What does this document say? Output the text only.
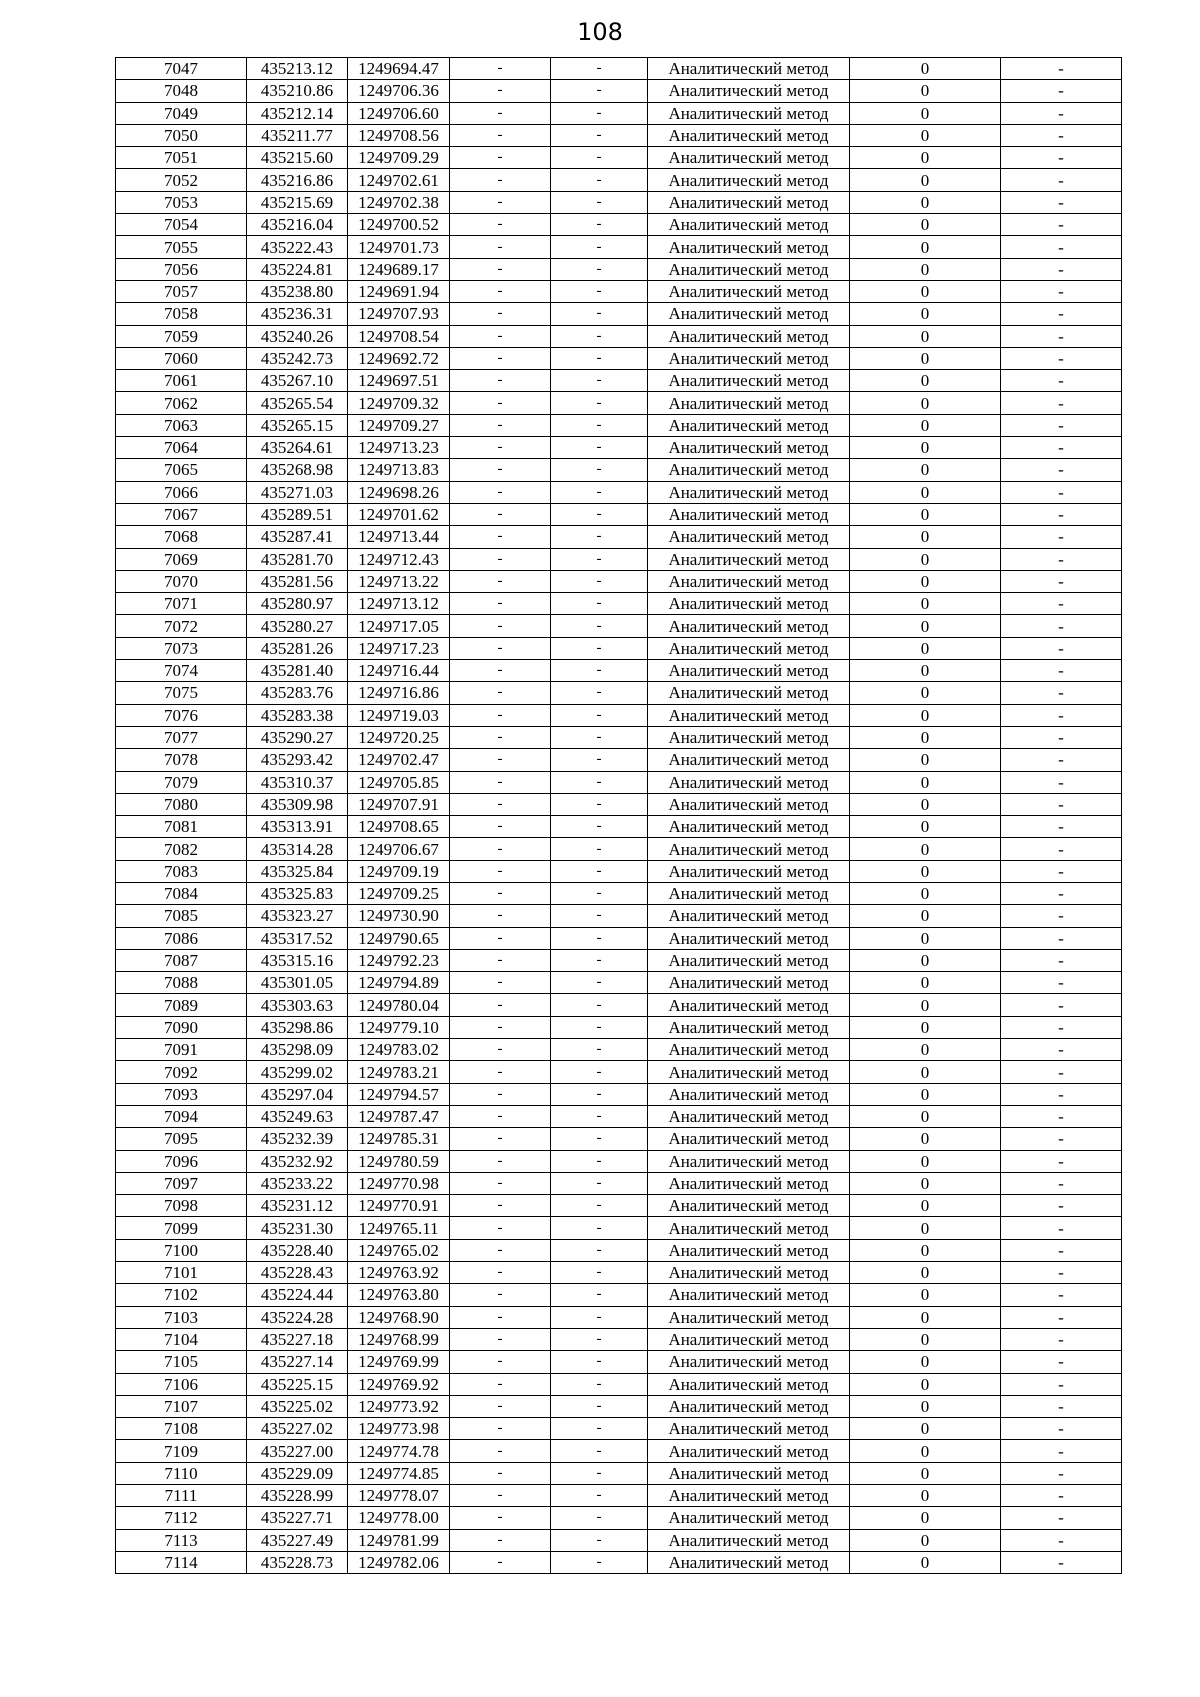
108
7047	435213.12	1249694.47	-	-	Аналитический метод	0	-
7048	435210.86	1249706.36	-	-	Аналитический метод	0	-
7049	435212.14	1249706.60	-	-	Аналитический метод	0	-
7050	435211.77	1249708.56	-	-	Аналитический метод	0	-
7051	435215.60	1249709.29	-	-	Аналитический метод	0	-
7052	435216.86	1249702.61	-	-	Аналитический метод	0	-
7053	435215.69	1249702.38	-	-	Аналитический метод	0	-
7054	435216.04	1249700.52	-	-	Аналитический метод	0	-
7055	435222.43	1249701.73	-	-	Аналитический метод	0	-
7056	435224.81	1249689.17	-	-	Аналитический метод	0	-
7057	435238.80	1249691.94	-	-	Аналитический метод	0	-
7058	435236.31	1249707.93	-	-	Аналитический метод	0	-
7059	435240.26	1249708.54	-	-	Аналитический метод	0	-
7060	435242.73	1249692.72	-	-	Аналитический метод	0	-
7061	435267.10	1249697.51	-	-	Аналитический метод	0	-
7062	435265.54	1249709.32	-	-	Аналитический метод	0	-
7063	435265.15	1249709.27	-	-	Аналитический метод	0	-
7064	435264.61	1249713.23	-	-	Аналитический метод	0	-
7065	435268.98	1249713.83	-	-	Аналитический метод	0	-
7066	435271.03	1249698.26	-	-	Аналитический метод	0	-
7067	435289.51	1249701.62	-	-	Аналитический метод	0	-
7068	435287.41	1249713.44	-	-	Аналитический метод	0	-
7069	435281.70	1249712.43	-	-	Аналитический метод	0	-
7070	435281.56	1249713.22	-	-	Аналитический метод	0	-
7071	435280.97	1249713.12	-	-	Аналитический метод	0	-
7072	435280.27	1249717.05	-	-	Аналитический метод	0	-
7073	435281.26	1249717.23	-	-	Аналитический метод	0	-
7074	435281.40	1249716.44	-	-	Аналитический метод	0	-
7075	435283.76	1249716.86	-	-	Аналитический метод	0	-
7076	435283.38	1249719.03	-	-	Аналитический метод	0	-
7077	435290.27	1249720.25	-	-	Аналитический метод	0	-
7078	435293.42	1249702.47	-	-	Аналитический метод	0	-
7079	435310.37	1249705.85	-	-	Аналитический метод	0	-
7080	435309.98	1249707.91	-	-	Аналитический метод	0	-
7081	435313.91	1249708.65	-	-	Аналитический метод	0	-
7082	435314.28	1249706.67	-	-	Аналитический метод	0	-
7083	435325.84	1249709.19	-	-	Аналитический метод	0	-
7084	435325.83	1249709.25	-	-	Аналитический метод	0	-
7085	435323.27	1249730.90	-	-	Аналитический метод	0	-
7086	435317.52	1249790.65	-	-	Аналитический метод	0	-
7087	435315.16	1249792.23	-	-	Аналитический метод	0	-
7088	435301.05	1249794.89	-	-	Аналитический метод	0	-
7089	435303.63	1249780.04	-	-	Аналитический метод	0	-
7090	435298.86	1249779.10	-	-	Аналитический метод	0	-
7091	435298.09	1249783.02	-	-	Аналитический метод	0	-
7092	435299.02	1249783.21	-	-	Аналитический метод	0	-
7093	435297.04	1249794.57	-	-	Аналитический метод	0	-
7094	435249.63	1249787.47	-	-	Аналитический метод	0	-
7095	435232.39	1249785.31	-	-	Аналитический метод	0	-
7096	435232.92	1249780.59	-	-	Аналитический метод	0	-
7097	435233.22	1249770.98	-	-	Аналитический метод	0	-
7098	435231.12	1249770.91	-	-	Аналитический метод	0	-
7099	435231.30	1249765.11	-	-	Аналитический метод	0	-
7100	435228.40	1249765.02	-	-	Аналитический метод	0	-
7101	435228.43	1249763.92	-	-	Аналитический метод	0	-
7102	435224.44	1249763.80	-	-	Аналитический метод	0	-
7103	435224.28	1249768.90	-	-	Аналитический метод	0	-
7104	435227.18	1249768.99	-	-	Аналитический метод	0	-
7105	435227.14	1249769.99	-	-	Аналитический метод	0	-
7106	435225.15	1249769.92	-	-	Аналитический метод	0	-
7107	435225.02	1249773.92	-	-	Аналитический метод	0	-
7108	435227.02	1249773.98	-	-	Аналитический метод	0	-
7109	435227.00	1249774.78	-	-	Аналитический метод	0	-
7110	435229.09	1249774.85	-	-	Аналитический метод	0	-
7111	435228.99	1249778.07	-	-	Аналитический метод	0	-
7112	435227.71	1249778.00	-	-	Аналитический метод	0	-
7113	435227.49	1249781.99	-	-	Аналитический метод	0	-
7114	435228.73	1249782.06	-	-	Аналитический метод	0	-
